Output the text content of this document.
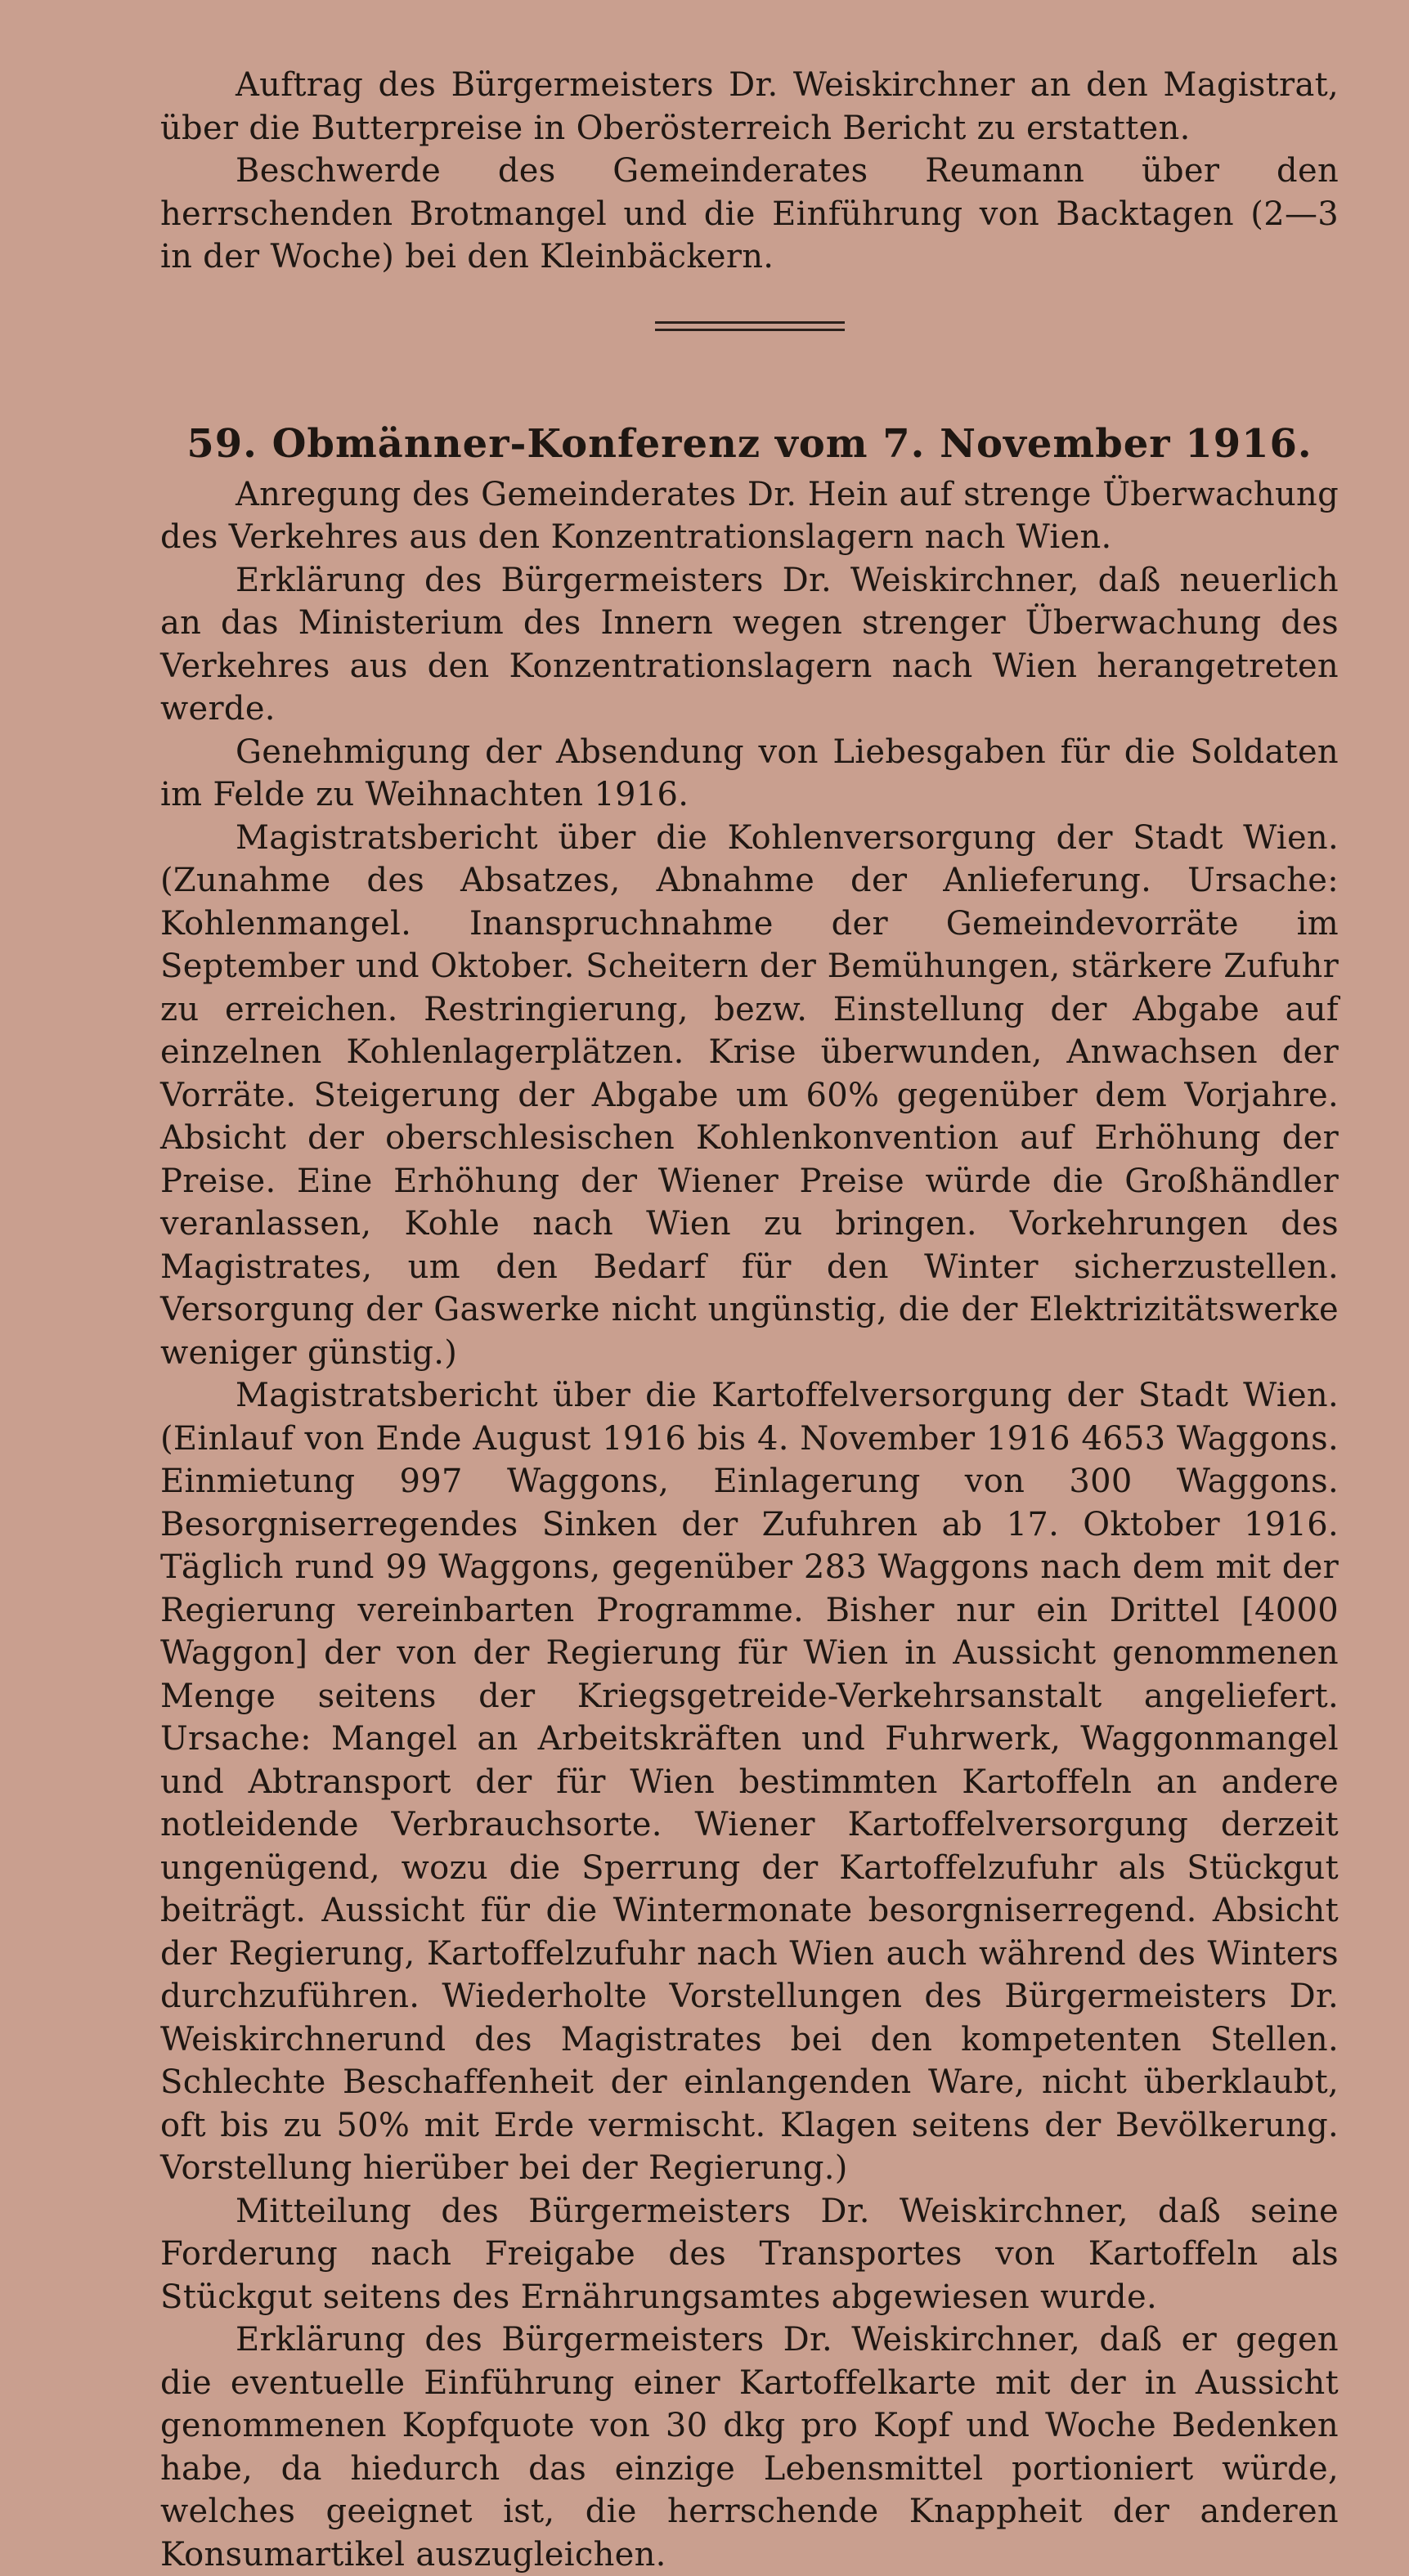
Auftrag des Bürgermeisters Dr. Weiskirchner an den Magistrat, über die Butterpreise in Oberösterreich Bericht zu erstatten.

Beschwerde des Gemeinderates Reumann über den herrschenden Brotmangel und die Einführung von Backtagen (2—3 in der Woche) bei den Kleinbäckern.

59. Obmänner-Konferenz vom 7. November 1916.

Anregung des Gemeinderates Dr. Hein auf strenge Überwachung des Verkehres aus den Konzentrationslagern nach Wien.

Erklärung des Bürgermeisters Dr. Weiskirchner, daß neuerlich an das Ministerium des Innern wegen strenger Überwachung des Verkehres aus den Konzentrationslagern nach Wien herangetreten werde.

Genehmigung der Absendung von Liebesgaben für die Soldaten im Felde zu Weihnachten 1916.

Magistratsbericht über die Kohlenversorgung der Stadt Wien. (Zunahme des Absatzes, Abnahme der Anlieferung. Ursache: Kohlenmangel. Inanspruchnahme der Gemeindevorräte im September und Oktober. Scheitern der Bemühungen, stärkere Zufuhr zu erreichen. Restringierung, bezw. Einstellung der Abgabe auf einzelnen Kohlenlagerplätzen. Krise überwunden, Anwachsen der Vorräte. Steigerung der Abgabe um 60% gegenüber dem Vorjahre. Absicht der oberschlesischen Kohlenkonvention auf Erhöhung der Preise. Eine Erhöhung der Wiener Preise würde die Großhändler veranlassen, Kohle nach Wien zu bringen. Vorkehrungen des Magistrates, um den Bedarf für den Winter sicherzustellen. Versorgung der Gaswerke nicht ungünstig, die der Elektrizitätswerke weniger günstig.)

Magistratsbericht über die Kartoffelversorgung der Stadt Wien. (Einlauf von Ende August 1916 bis 4. November 1916 4653 Waggons. Einmietung 997 Waggons, Einlagerung von 300 Waggons. Besorgniserregendes Sinken der Zufuhren ab 17. Oktober 1916. Täglich rund 99 Waggons, gegenüber 283 Waggons nach dem mit der Regierung vereinbarten Programme. Bisher nur ein Drittel [4000 Waggon] der von der Regierung für Wien in Aussicht genommenen Menge seitens der Kriegsgetreide-Verkehrsanstalt angeliefert. Ursache: Mangel an Arbeitskräften und Fuhrwerk, Waggonmangel und Abtransport der für Wien bestimmten Kartoffeln an andere notleidende Verbrauchsorte. Wiener Kartoffelversorgung derzeit ungenügend, wozu die Sperrung der Kartoffelzufuhr als Stückgut beiträgt. Aussicht für die Wintermonate besorgniserregend. Absicht der Regierung, Kartoffelzufuhr nach Wien auch während des Winters durchzuführen. Wiederholte Vorstellungen des Bürgermeisters Dr. Weiskirchnerund des Magistrates bei den kompetenten Stellen. Schlechte Beschaffenheit der einlangenden Ware, nicht überklaubt, oft bis zu 50% mit Erde vermischt. Klagen seitens der Bevölkerung. Vorstellung hierüber bei der Regierung.)

Mitteilung des Bürgermeisters Dr. Weiskirchner, daß seine Forderung nach Freigabe des Transportes von Kartoffeln als Stückgut seitens des Ernährungsamtes abgewiesen wurde.

Erklärung des Bürgermeisters Dr. Weiskirchner, daß er gegen die eventuelle Einführung einer Kartoffelkarte mit der in Aussicht genommenen Kopfquote von 30 dkg pro Kopf und Woche Bedenken habe, da hiedurch das einzige Lebensmittel portioniert würde, welches geeignet ist, die herrschende Knappheit der anderen Konsumartikel auszugleichen.
